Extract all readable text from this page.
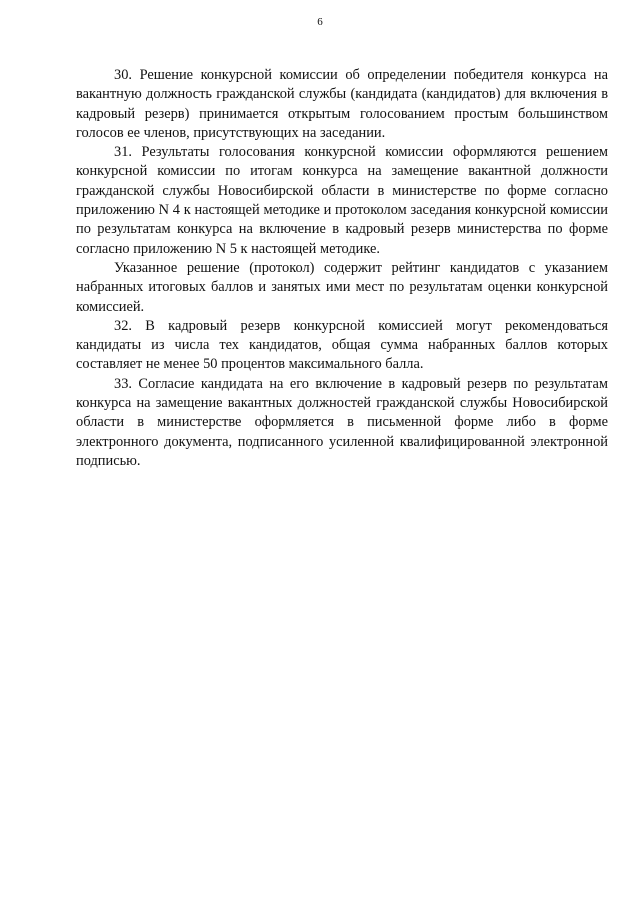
6

30. Решение конкурсной комиссии об определении победителя конкурса на вакантную должность гражданской службы (кандидата (кандидатов) для включения в кадровый резерв) принимается открытым голосованием простым большинством голосов ее членов, присутствующих на заседании.

31. Результаты голосования конкурсной комиссии оформляются решением конкурсной комиссии по итогам конкурса на замещение вакантной должности гражданской службы Новосибирской области в министерстве по форме согласно приложению N 4 к настоящей методике и протоколом заседания конкурсной комиссии по результатам конкурса на включение в кадровый резерв министерства по форме согласно приложению N 5 к настоящей методике.

Указанное решение (протокол) содержит рейтинг кандидатов с указанием набранных итоговых баллов и занятых ими мест по результатам оценки конкурсной комиссией.

32. В кадровый резерв конкурсной комиссией могут рекомендоваться кандидаты из числа тех кандидатов, общая сумма набранных баллов которых составляет не менее 50 процентов максимального балла.

33. Согласие кандидата на его включение в кадровый резерв по результатам конкурса на замещение вакантных должностей гражданской службы Новосибирской области в министерстве оформляется в письменной форме либо в форме электронного документа, подписанного усиленной квалифицированной электронной подписью.
